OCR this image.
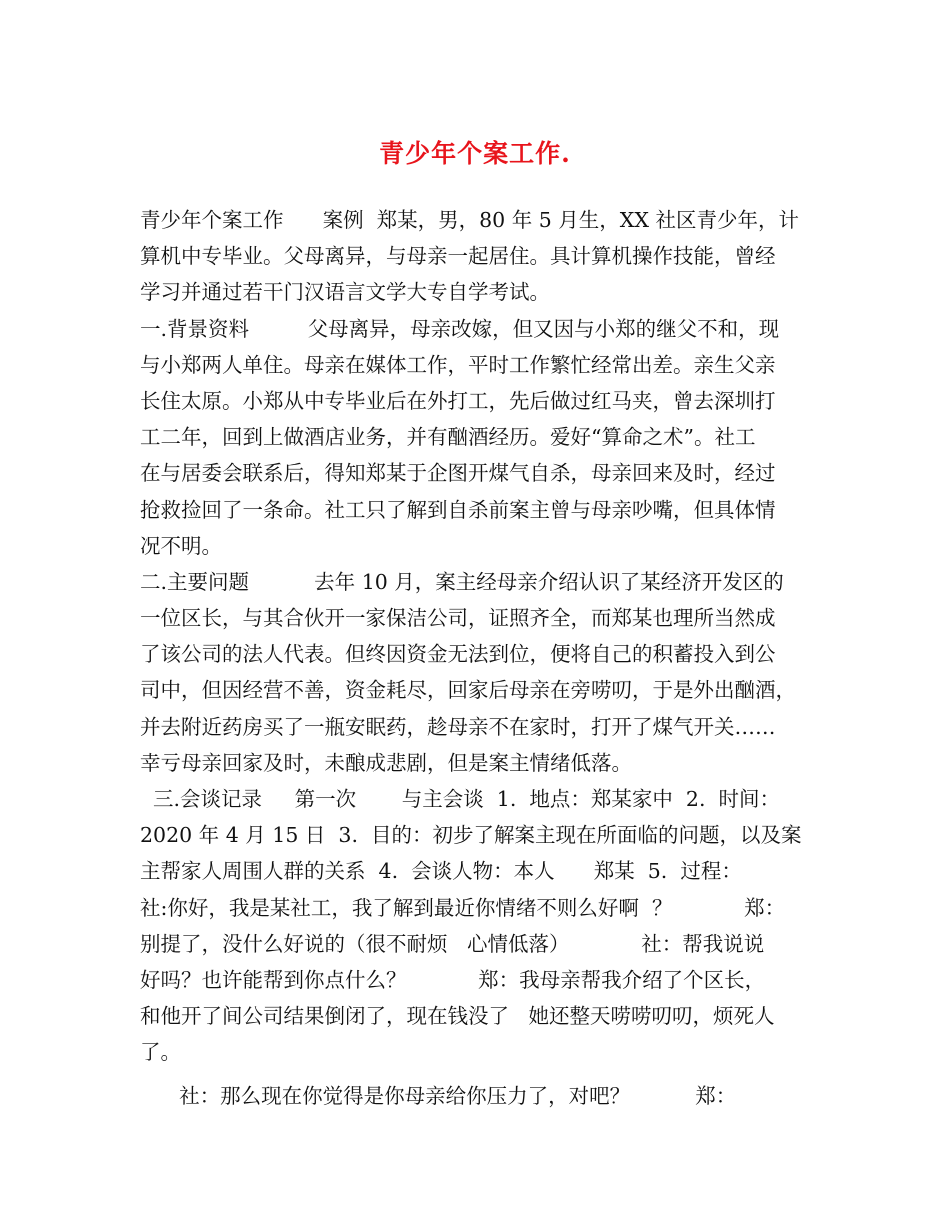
青少年个案工作.
青少年个案工作      案例  郑某，男，80 年 5 月生，XX 社区青少年，计
算机中专毕业。父母离异，与母亲一起居住。具计算机操作技能，曾经
学习并通过若干门汉语言文学大专自学考试。
一.背景资料         父母离异，母亲改嫁，但又因与小郑的继父不和，现
与小郑两人单住。母亲在媒体工作，平时工作繁忙经常出差。亲生父亲
长住太原。小郑从中专毕业后在外打工，先后做过红马夹，曾去深圳打
工二年，回到上做酒店业务，并有酗酒经历。爱好“算命之术”。社工
在与居委会联系后，得知郑某于企图开煤气自杀，母亲回来及时，经过
抢救捡回了一条命。社工只了解到自杀前案主曾与母亲吵嘴，但具体情
况不明。
二.主要问题          去年 10 月，案主经母亲介绍认识了某经济开发区的
一位区长，与其合伙开一家保洁公司，证照齐全，而郑某也理所当然成
了该公司的法人代表。但终因资金无法到位，便将自己的积蓄投入到公
司中，但因经营不善，资金耗尽，回家后母亲在旁唠叨，于是外出酗酒，
并去附近药房买了一瓶安眠药，趁母亲不在家时，打开了煤气开关……
幸亏母亲回家及时，未酿成悲剧，但是案主情绪低落。
三.会谈记录     第一次       与主会谈  1.  地点：郑某家中  2.  时间：
2020 年 4 月 15 日  3.  目的：初步了解案主现在所面临的问题，以及案
主帮家人周围人群的关系  4.  会谈人物：本人      郑某  5.  过程：
社:你好，我是某社工，我了解到最近你情绪不则么好啊  ？           郑：
别提了，没什么好说的（很不耐烦   心情低落）           社：帮我说说
好吗？也许能帮到你点什么？           郑：我母亲帮我介绍了个区长，
和他开了间公司结果倒闭了，现在钱没了   她还整天唠唠叨叨，烦死人
了。
社：那么现在你觉得是你母亲给你压力了，对吧？          郑：
